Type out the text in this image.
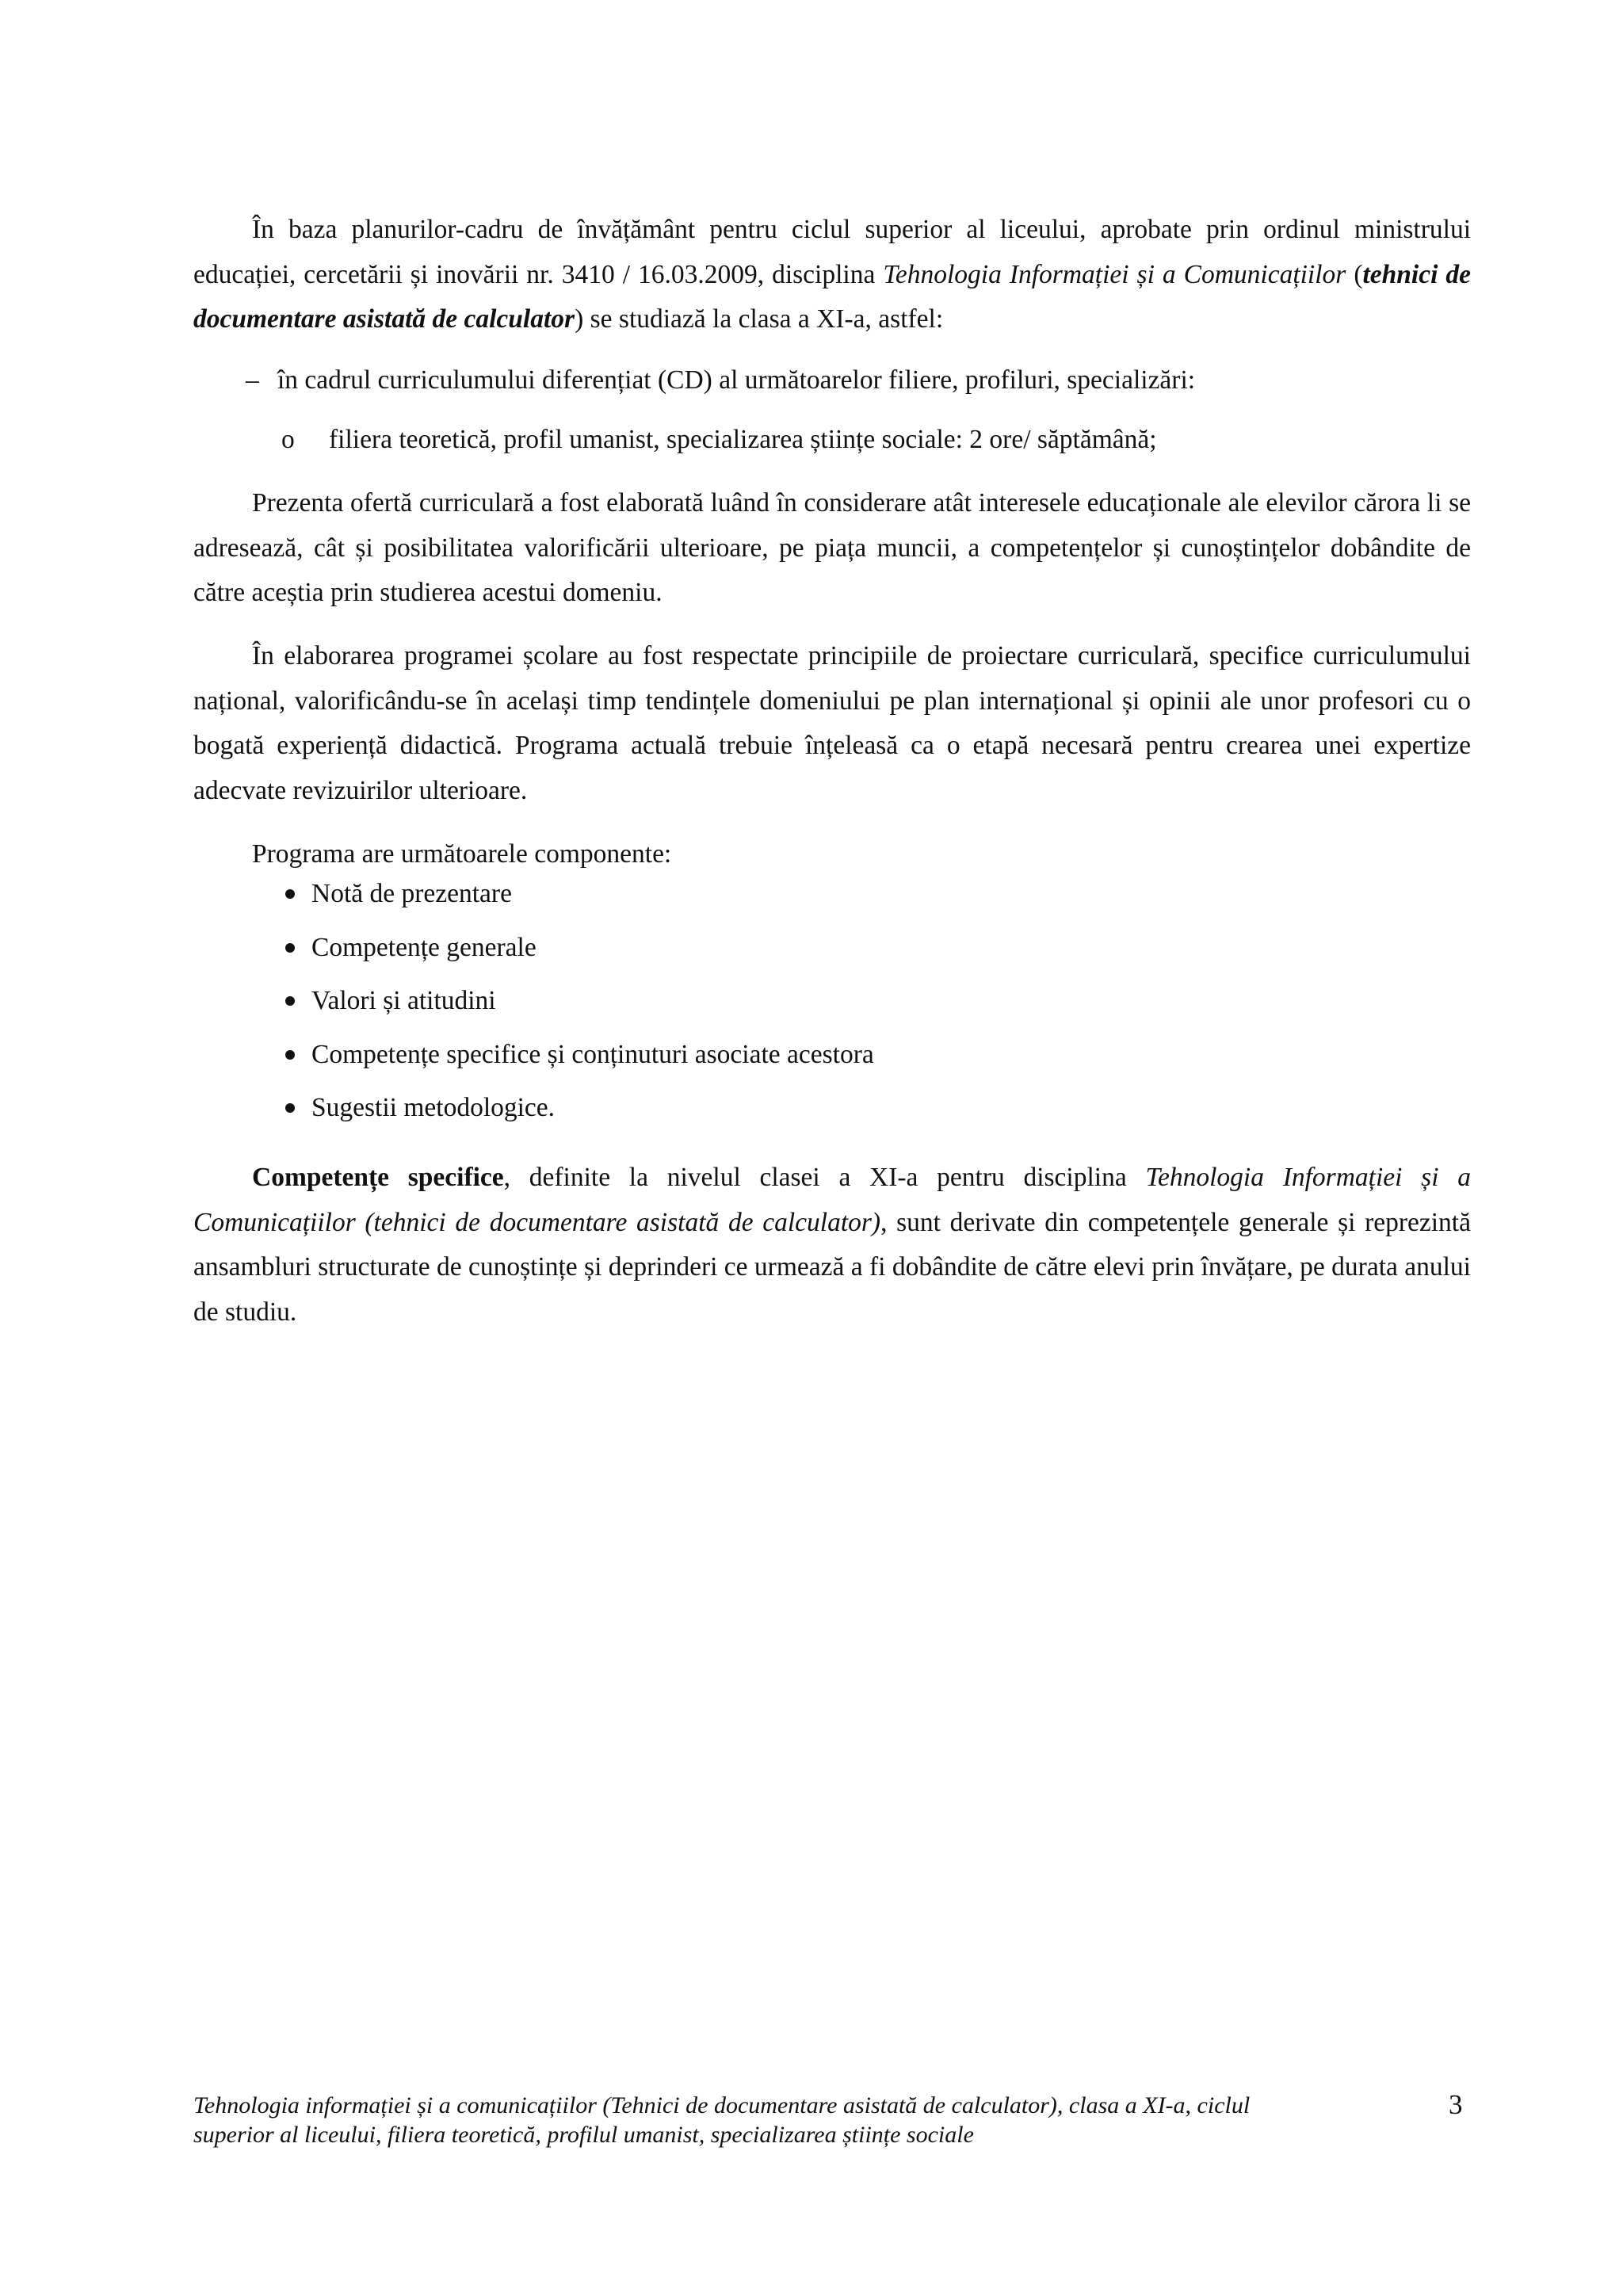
În baza planurilor-cadru de învățământ pentru ciclul superior al liceului, aprobate prin ordinul ministrului educației, cercetării și inovării nr. 3410 / 16.03.2009, disciplina Tehnologia Informației și a Comunicațiilor (tehnici de documentare asistată de calculator) se studiază la clasa a XI-a, astfel:

– în cadrul curriculumului diferențiat (CD) al următoarelor filiere, profiluri, specializări:
o filiera teoretică, profil umanist, specializarea științe sociale: 2 ore/ săptămână;

Prezenta ofertă curriculară a fost elaborată luând în considerare atât interesele educaționale ale elevilor cărora li se adresează, cât și posibilitatea valorificării ulterioare, pe piața muncii, a competențelor și cunoștințelor dobândite de către aceștia prin studierea acestui domeniu.

În elaborarea programei școlare au fost respectate principiile de proiectare curriculară, specifice curriculumului național, valorificându-se în același timp tendințele domeniului pe plan internațional și opinii ale unor profesori cu o bogată experiență didactică. Programa actuală trebuie înțeleasă ca o etapă necesară pentru crearea unei expertize adecvate revizuirilor ulterioare.

Programa are următoarele componente:

Notă de prezentare
Competențe generale
Valori și atitudini
Competențe specifice și conținuturi asociate acestora
Sugestii metodologice.

Competențe specifice, definite la nivelul clasei a XI-a pentru disciplina Tehnologia Informației și a Comunicațiilor (tehnici de documentare asistată de calculator), sunt derivate din competențele generale și reprezintă ansambluri structurate de cunoștințe și deprinderi ce urmează a fi dobândite de către elevi prin învățare, pe durata anului de studiu.

Tehnologia informației și a comunicațiilor (Tehnici de documentare asistată de calculator), clasa a XI-a, ciclul
superior al liceului, filiera teoretică, profilul umanist, specializarea științe sociale
3
